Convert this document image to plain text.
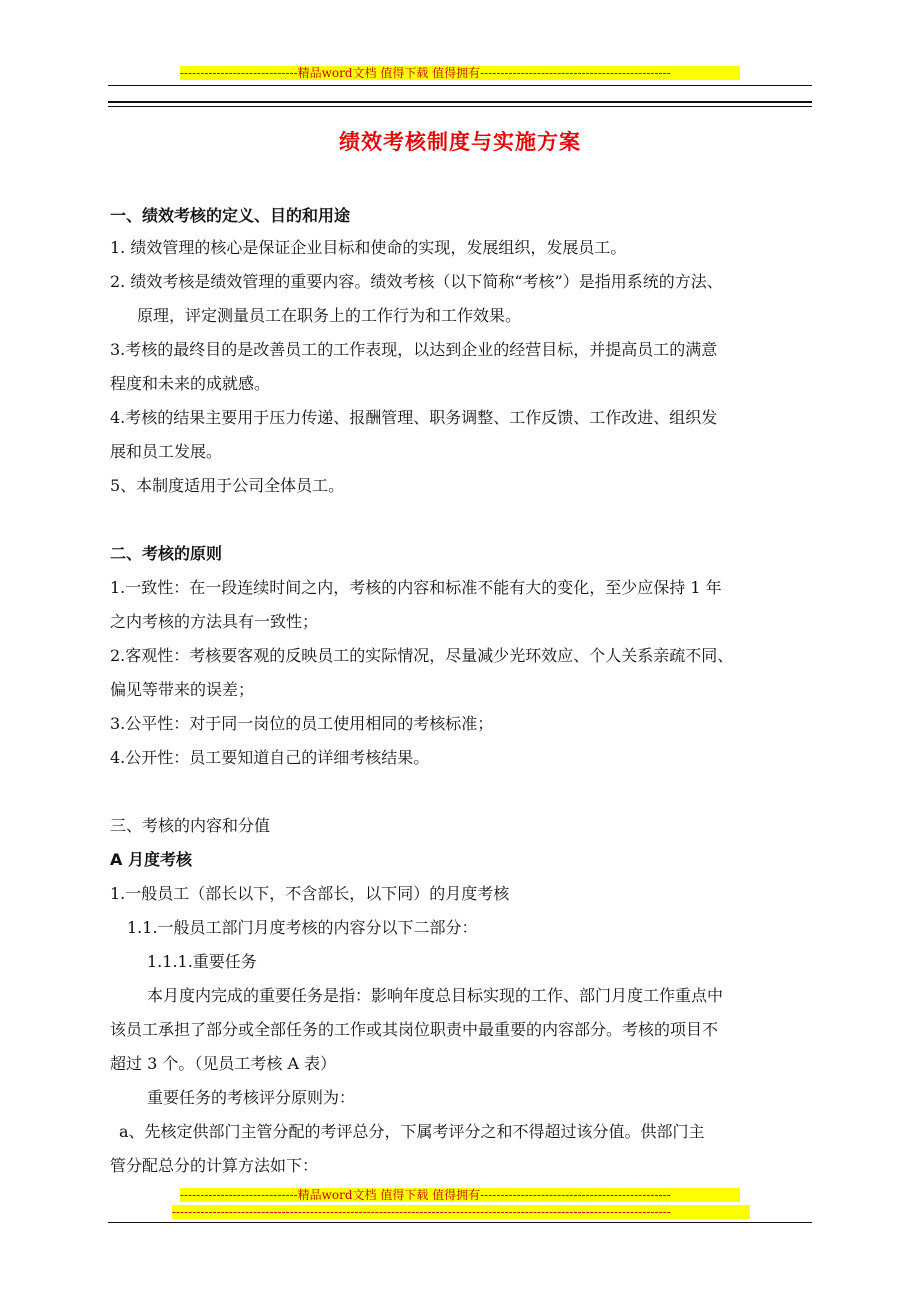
-----------------------------精品word文档 值得下载 值得拥有-----------------------------------------------
绩效考核制度与实施方案
一、绩效考核的定义、目的和用途
1. 绩效管理的核心是保证企业目标和使命的实现，发展组织，发展员工。
2. 绩效考核是绩效管理的重要内容。绩效考核（以下简称“考核”）是指用系统的方法、
原理，评定测量员工在职务上的工作行为和工作效果。
3.考核的最终目的是改善员工的工作表现，以达到企业的经营目标，并提高员工的满意
程度和未来的成就感。
4.考核的结果主要用于压力传递、报酬管理、职务调整、工作反馈、工作改进、组织发
展和员工发展。
5、本制度适用于公司全体员工。
二、考核的原则
1.一致性：在一段连续时间之内，考核的内容和标准不能有大的变化，至少应保持 1 年
之内考核的方法具有一致性；
2.客观性：考核要客观的反映员工的实际情况，尽量减少光环效应、个人关系亲疏不同、
偏见等带来的误差；
3.公平性：对于同一岗位的员工使用相同的考核标准；
4.公开性：员工要知道自己的详细考核结果。
三、考核的内容和分值
A 月度考核
1.一般员工（部长以下，不含部长，以下同）的月度考核
1.1.一般员工部门月度考核的内容分以下二部分：
1.1.1.重要任务
本月度内完成的重要任务是指：影响年度总目标实现的工作、部门月度工作重点中
该员工承担了部分或全部任务的工作或其岗位职责中最重要的内容部分。考核的项目不
超过 3 个。（见员工考核 A 表）
重要任务的考核评分原则为：
a、先核定供部门主管分配的考评总分，下属考评分之和不得超过该分值。供部门主
管分配总分的计算方法如下：
-----------------------------精品word文档 值得下载 值得拥有-----------------------------------------------
---------------------------------------------------------------------------------------------------------------------------
